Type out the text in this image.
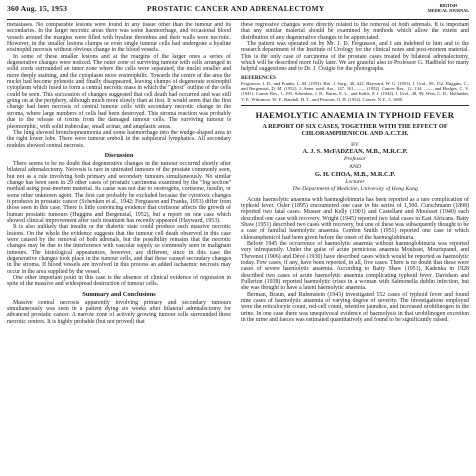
360 Aug. 15, 1953	PROSTATIC CANCER AND ADRENALECTOMY	BRITISH
MEDICAL JOURNAL

metastases. No comparable lesions were found in any tissue other than the tumour and its secondaries. In the larger necrotic areas there was some haemorrhage, and occasional blood vessels around the margins were filled with hyaline thrombus and their walls were necrotic. However, in the smaller lesions clumps or even single tumour cells had undergone a hyaline eosinophil necrosis without obvious change in the blood vessels.

In some of these smaller lesions and at the margins of the larger ones a series of degenerative changes were noticed. The outer zone of surviving tumour with cells arranged in solid cords surrounded an inner zone where the cells were separated, the nuclei smaller and more deeply staining, and the cytoplasm more eosinophilic. Towards the centre of the area the nuclei had become pyknotic and finally disappeared, leaving clumps of degenerate eosinophil cytoplasm which fused to form a central necrotic mass in which the "ghost" outline of the cells could be seen. This succession of changes suggested that cell death had occurred and was still going on at the periphery, although much more slowly than at first. It would seem that the first change had been necrosis of central tumour cells with secondary necrotic change in the stroma, where large numbers of cells had been destroyed. This stroma reaction was probably due to the release of toxins from the damaged tumour cells. The surviving tumour is pleomorphic, with solid trabeculae, small acinar, and anaplastic areas.

The lung showed bronchopneumonia and some haemorrhage into the wedge-shaped area in the right lower lobe. There were tumour emboli in the subpleural lymphatics. All secondary nodules showed central necrosis.

Discussion

There seems to be no doubt that degenerative changes in the tumour occurred shortly after bilateral adrenalectomy. Necrosis is rare in untreated tumours of the prostate commonly seen, but not as a rule involving both primary and secondary tumours simultaneously. No similar change has been seen in 29 other cases of prostatic carcinoma examined by the "big section" method using post-mortem material. Its cause was not due to oestrogens, cortisone, insulin, or some other unknown agent. The first can probably be excluded because the cytotoxic changes it produces in prostatic cancer (Schenken et al., 1942; Fergusson and Franks, 1953) differ from those seen in this case. There is little convincing evidence that cortisone affects the growth of human prostatic tumours (Huggins and Bergenstal, 1952), but a report on one case which showed clinical improvement after such treatment has recently appeared (Hayward, 1953).

It is also unlikely that insulin or the diabetic state could produce such massive necrotic lesions. On the whole the evidence suggests that the tumour cell death observed in this case were caused by the removal of both adrenals, but the possibility remains that the necrotic changes may be due to the interference with vascular supply so commonly seen in malignant tumours. The histological appearances, however, are different, since in this case the degenerative changes took place in the tumour cells, and that these caused secondary changes in the stroma. If blood vessels are involved in this process an added ischaemic necrosis may occur in the area supplied by the vessel.

One other important point in this case is the absence of clinical evidence of regression in spite of the massive and widespread destruction of tumour cells.

Summary and Conclusions

Massive central necrosis apparently involving primary and secondary tumours simultaneously was seen in a patient dying six weeks after bilateral adrenalectomy for advanced prostatic cancer. A narrow zone of actively growing tumour cells surrounded these necrotic centres. It is highly probable (but not proved) that

these regressive changes were directly related to the removal of both adrenals. It is important that any similar material should be examined by methods which allow the extent and distribution of any degenerative changes to be appreciated.

The patient was operated on by Mr. J. D. Fergusson, and I am indebted to him and to the research department of the Institute of Urology for the clinical notes and post-mortem material. This is the only case of carcinoma of the prostate cases treated by bilateral adrenalectomy, which will be described more fully later. We are grateful also to Professor G. Hadfield for many helpful suggestions and to Dr. J. Craigie for the photographs.

REFERENCES

Fergusson, J. D., and Franks, L. M. (1953). Brit. J. Surg., 40, 422. Hayward, W. G. (1953). J. Urol., 69, 152. Huggins, C., and Bergenstal, D. M. (1952). J. Amer. med. Ass., 147, 101. —— (1952). Cancer Res., 12, 134. —— and Hodges, C. V. (1941). Cancer Res., 1, 293. Schenken, J. R., Burns, E. L., and Kahle, P. J. (1942). J. Urol., 48, 99. West, C. D., Hollander, V. P., Whitmore, W. F., Randall, H. T., and Pearson, O. H. (1952). Cancer, N.Y., 5, 1009.

HAEMOLYTIC ANAEMIA IN TYPHOID FEVER
A REPORT OF SIX CASES, TOGETHER WITH THE EFFECT OF CHLORAMPHENICOL AND A.C.T.H.

BY

A. J. S. McFADZEAN, M.B., M.R.C.P.

Professor

AND

G. H. CHOA, M.B., M.R.C.P.

Lecturer

The Department of Medicine, University of Hong Kong

Acute haemolytic anaemia with haemoglobinuria has been reported as a rare complication of typhoid fever. Osler (1895) encountered one case in his series of 1,500. Curschmann (1898) reported two fatal cases. Musser and Kelly (1901) and Castellani and Mouisset (1940) each described one case with recovery. Wright (1945) reported two fatal cases in East Africans. Batty Shaw (1951) described two cases with recovery, but one of these was subsequently thought to be a case of familial haemolytic anaemia. Gordon Smith (1951) reported one case in which chloramphenicol had been given before the onset of the haemoglobinuria.

Before 1945 the occurrence of haemolytic anaemia without haemoglobinuria was reported very infrequently. Under the guise of acute pernicious anaemia Mouisset, Mouriquand, and Thevenot (1906) and Dévé (1930) have described cases which would be reported as haemolytic today. Few cases, if any, have been reported, in all, five cases. There is no doubt that these were cases of severe haemolytic anaemia. According to Batty Shaw (1951), Kadenka in 1928 described two cases of acute haemolytic anaemia complicating typhoid fever. Davidson and Fullerton (1938) reported haemolytic crises in a woman with Salmonella dublin infection, but she was thought to have a latent haemolytic anaemia.

Berman, Braun, and Rubenstein (1943) investigated 152 cases of typhoid fever and found nine cases of haemolytic anaemia of varying degree of severity. The investigations employed were the reticulocyte count, red-cell count, retentive jaundice, and increased urobilinogen in the urine. In one case there was unequivocal evidence of haemolysis in that urobilinogen excretion in the urine and faeces was estimated quantitatively and found to be significantly raised.
